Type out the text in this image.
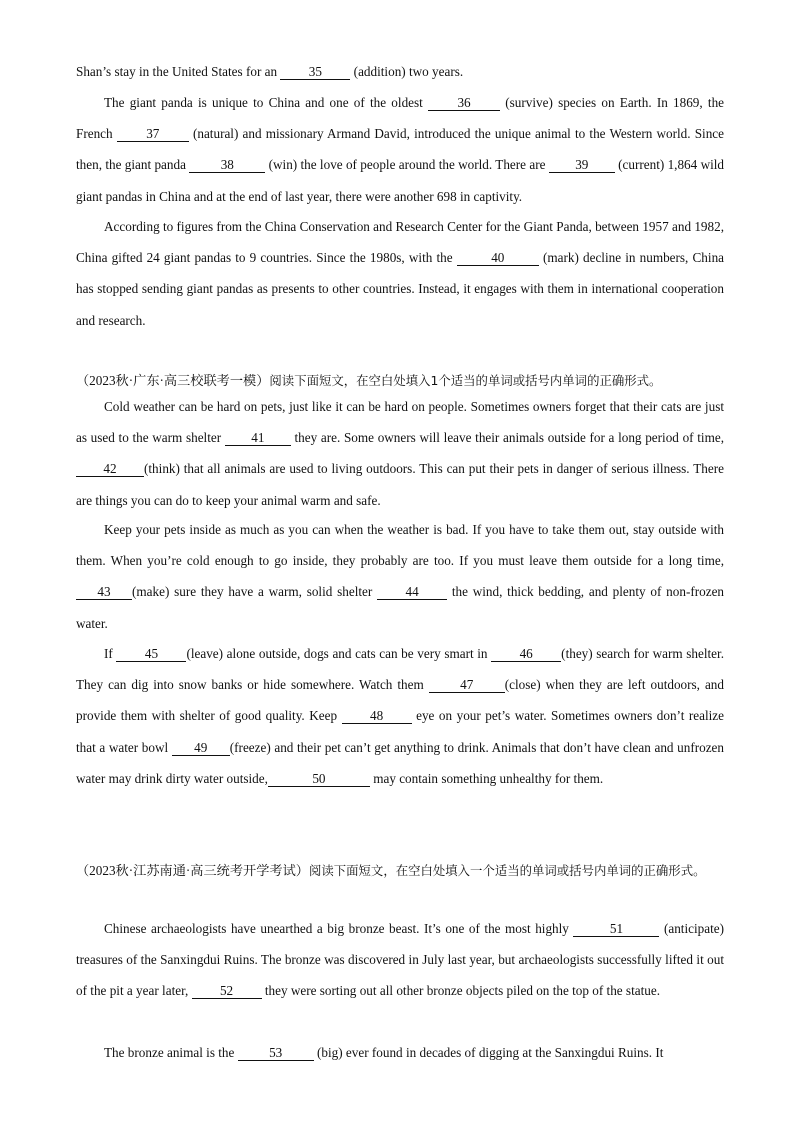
Shan’s stay in the United States for an 35 (addition) two years.

The giant panda is unique to China and one of the oldest	36	(survive) species on Earth. In 1869, the French	37	(natural) and missionary Armand David, introduced the unique animal to the Western world. Since then, the giant panda	38	(win) the love of people around the world. There are 39 (current) 1,864 wild giant pandas in China and at the end of last year, there were another 698 in captivity.

According to figures from the China Conservation and Research Center for the Giant Panda, between 1957 and 1982, China gifted 24 giant pandas to 9 countries. Since the 1980s, with the	40	(mark) decline in numbers, China has stopped sending giant pandas as presents to other countries. Instead, it engages with them in international cooperation and research.

（2023秋·广东·高三校联考一模）阅读下面短文，在空白处填入1个适当的单词或括号内单词的正确形式。

Cold weather can be hard on pets, just like it can be hard on people. Sometimes owners forget that their cats are just as used to the warm shelter 41 they are. Some owners will leave their animals outside for a long period of time, 42 (think) that all animals are used to living outdoors. This can put their pets in danger of serious illness. There are things you can do to keep your animal warm and safe.

Keep your pets inside as much as you can when the weather is bad. If you have to take them out, stay outside with them. When you’re cold enough to go inside, they probably are too. If you must leave them outside for a long time, 43 (make) sure they have a warm, solid shelter	44	the wind, thick bedding, and plenty of non-frozen water.

If 45 (leave) alone outside, dogs and cats can be very smart in 46 (they) search for warm shelter. They can dig into snow banks or hide somewhere. Watch them	47 (close) when they are left outdoors, and provide them with shelter of good quality. Keep 48 eye on your pet’s water. Sometimes owners don’t realize that a water bowl 49 (freeze) and their pet can’t get anything to drink. Animals that don’t have clean and unfrozen water may drink dirty water outside,	50	may contain something unhealthy for them.

（2023秋·江苏南通·高三统考开学考试）阅读下面短文，在空白处填入一个适当的单词或括号内单词的正确形式。

Chinese archaeologists have unearthed a big bronze beast. It’s one of the most highly	51	(anticipate) treasures of the Sanxingdui Ruins. The bronze was discovered in July last year, but archaeologists successfully lifted it out of the pit a year later, 52 they were sorting out all other bronze objects piled on the top of the statue.

The bronze animal is the	53	(big) ever found in decades of digging at the Sanxingdui Ruins. It
